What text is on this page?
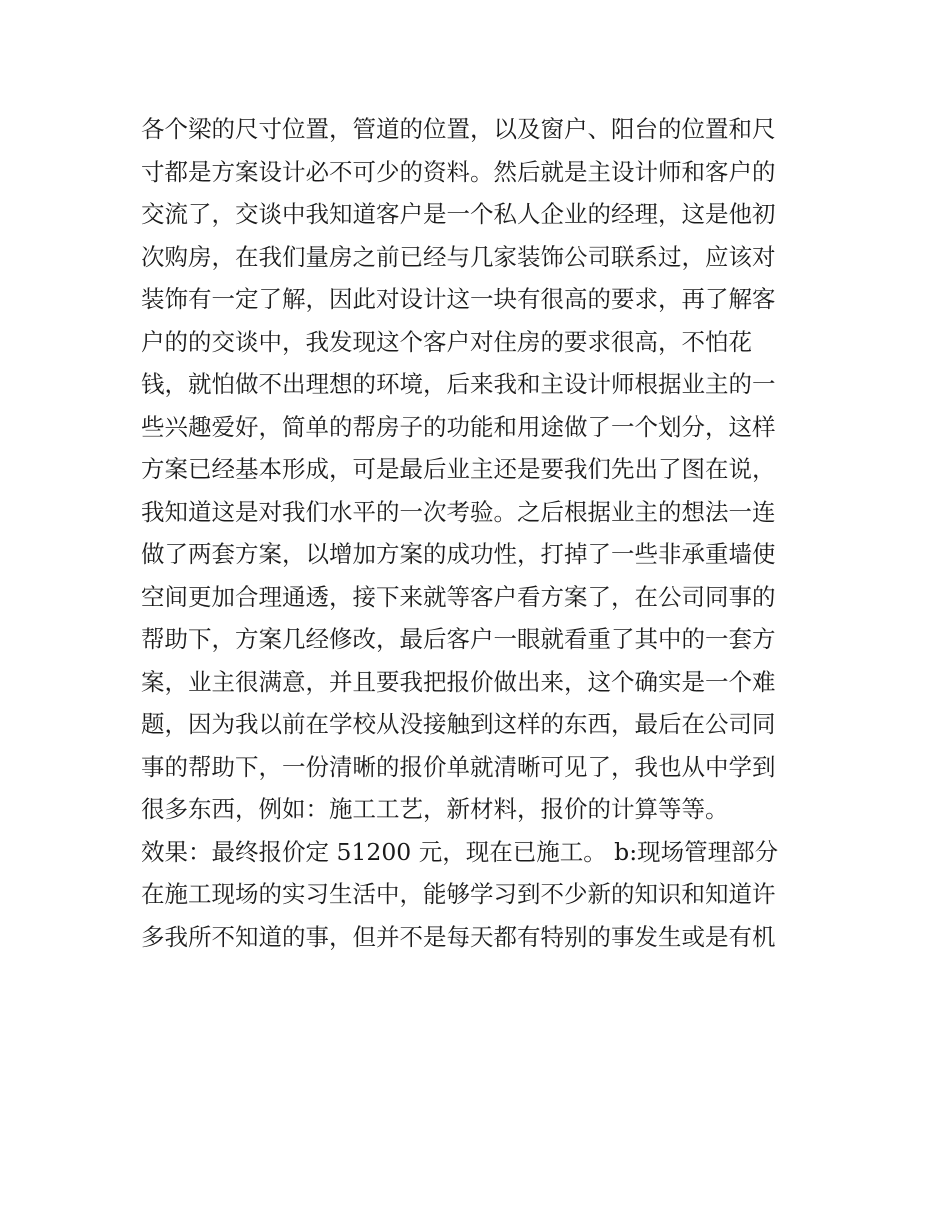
各个梁的尺寸位置，管道的位置，以及窗户、阳台的位置和尺
寸都是方案设计必不可少的资料。然后就是主设计师和客户的
交流了，交谈中我知道客户是一个私人企业的经理，这是他初
次购房，在我们量房之前已经与几家装饰公司联系过，应该对
装饰有一定了解，因此对设计这一块有很高的要求，再了解客
户的的交谈中，我发现这个客户对住房的要求很高，不怕花
钱，就怕做不出理想的环境，后来我和主设计师根据业主的一
些兴趣爱好，简单的帮房子的功能和用途做了一个划分，这样
方案已经基本形成，可是最后业主还是要我们先出了图在说，
我知道这是对我们水平的一次考验。之后根据业主的想法一连
做了两套方案，以增加方案的成功性，打掉了一些非承重墙使
空间更加合理通透，接下来就等客户看方案了，在公司同事的
帮助下，方案几经修改，最后客户一眼就看重了其中的一套方
案，业主很满意，并且要我把报价做出来，这个确实是一个难
题，因为我以前在学校从没接触到这样的东西，最后在公司同
事的帮助下，一份清晰的报价单就清晰可见了，我也从中学到
很多东西，例如：施工工艺，新材料，报价的计算等等。
效果：最终报价定 51200 元，现在已施工。 b:现场管理部分
在施工现场的实习生活中，能够学习到不少新的知识和知道许
多我所不知道的事，但并不是每天都有特别的事发生或是有机
